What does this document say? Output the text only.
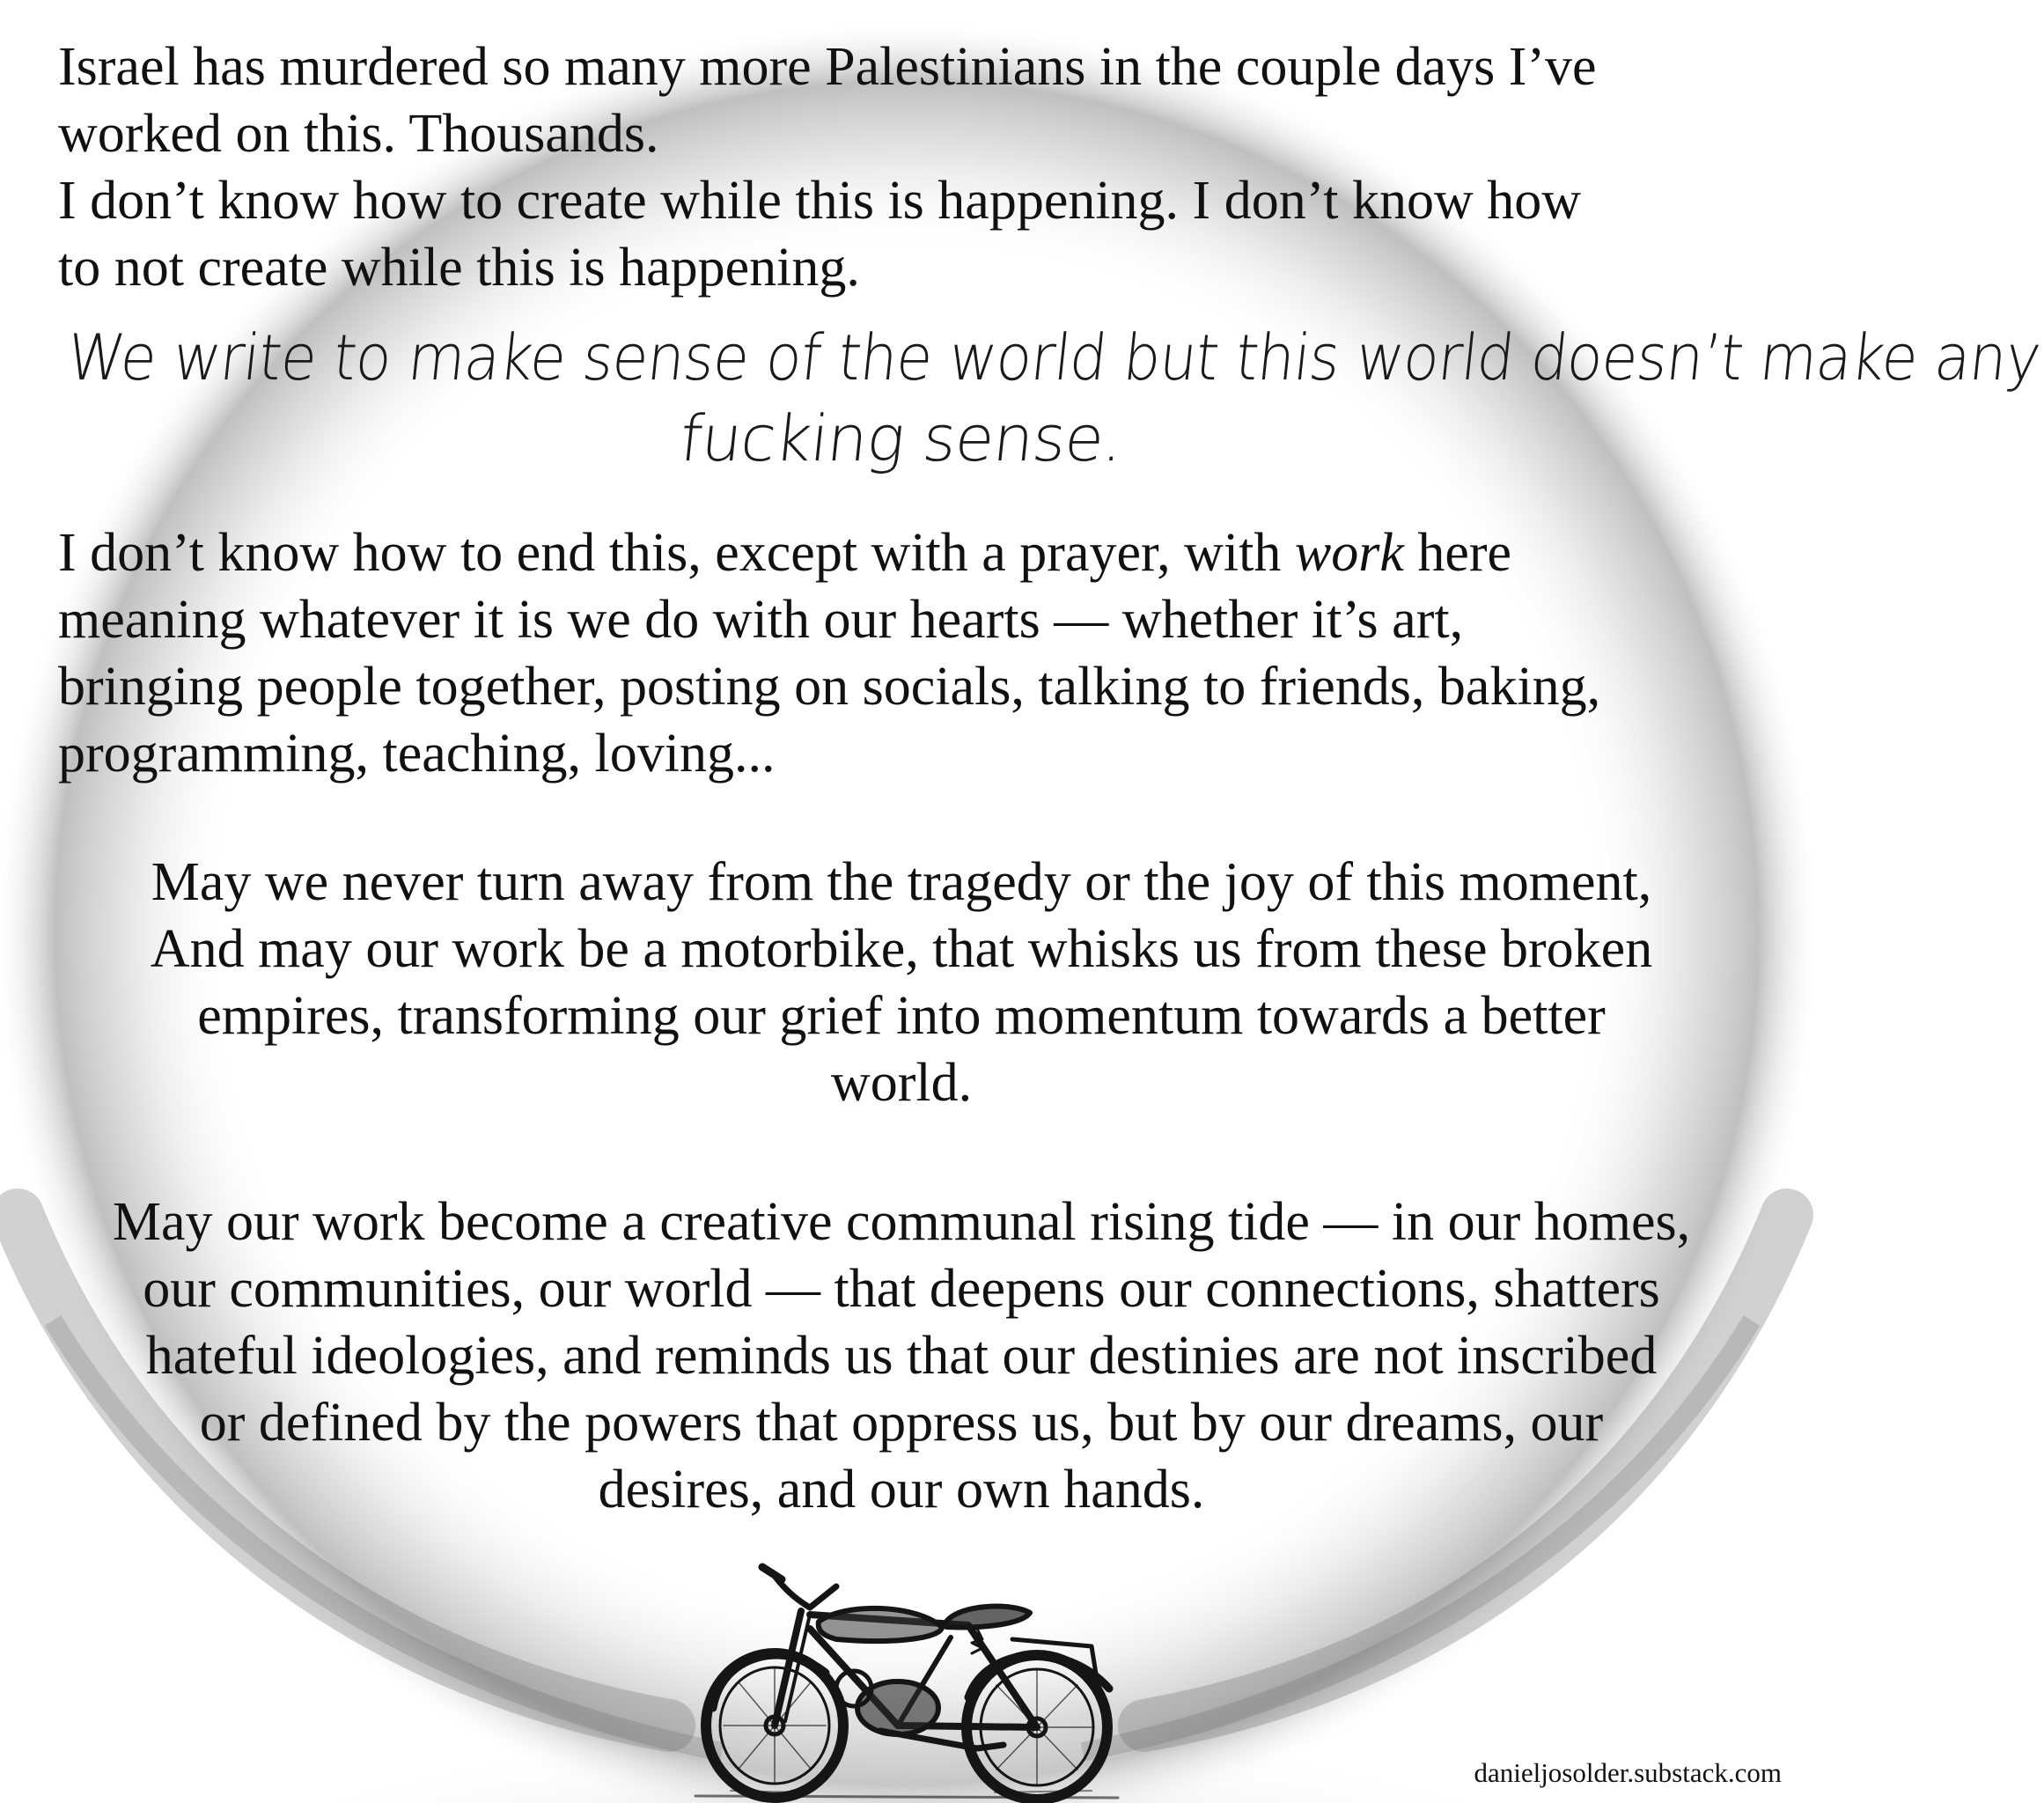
Israel has murdered so many more Palestinians in the couple days I’ve
worked on this. Thousands.
I don’t know how to create while this is happening. I don’t know how
to not create while this is happening.
We write to make sense of the world but this world doesn’t make any
fucking sense.
I don’t know how to end this, except with a prayer, with work here
meaning whatever it is we do with our hearts — whether it’s art,
bringing people together, posting on socials, talking to friends, baking,
programming, teaching, loving...
May we never turn away from the tragedy or the joy of this moment,
And may our work be a motorbike, that whisks us from these broken
empires, transforming our grief into momentum towards a better
world.
May our work become a creative communal rising tide — in our homes,
our communities, our world — that deepens our connections, shatters
hateful ideologies, and reminds us that our destinies are not inscribed
or defined by the powers that oppress us, but by our dreams, our
desires, and our own hands.
danieljosolder.substack.com
